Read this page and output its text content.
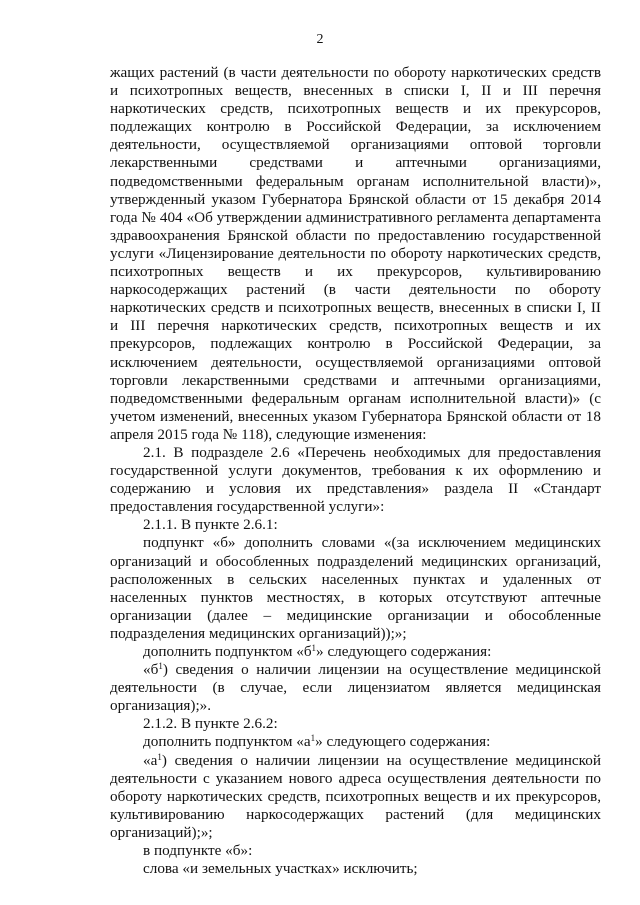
2

жащих растений (в части деятельности по обороту наркотических средств и психотропных веществ, внесенных в списки I, II и III перечня наркотических средств, психотропных веществ и их прекурсоров, подлежащих контролю в Российской Федерации, за исключением деятельности, осуществляемой организациями оптовой торговли лекарственными средствами и аптечными организациями, подведомственными федеральным органам исполнительной власти)», утвержденный указом Губернатора Брянской области от 15 декабря 2014 года № 404 «Об утверждении административного регламента департамента здравоохранения Брянской области по предоставлению государственной услуги «Лицензирование деятельности по обороту наркотических средств, психотропных веществ и их прекурсоров, культивированию наркосодержащих растений (в части деятельности по обороту наркотических средств и психотропных веществ, внесенных в списки I, II и III перечня наркотических средств, психотропных веществ и их прекурсоров, подлежащих контролю в Российской Федерации, за исключением деятельности, осуществляемой организациями оптовой торговли лекарственными средствами и аптечными организациями, подведомственными федеральным органам исполнительной власти)» (с учетом изменений, внесенных указом Губернатора Брянской области от 18 апреля 2015 года № 118), следующие изменения:

2.1. В подразделе 2.6 «Перечень необходимых для предоставления государственной услуги документов, требования к их оформлению и содержанию и условия их представления» раздела II «Стандарт предоставления государственной услуги»:

2.1.1. В пункте 2.6.1:

подпункт «б» дополнить словами «(за исключением медицинских организаций и обособленных подразделений медицинских организаций, расположенных в сельских населенных пунктах и удаленных от населенных пунктов местностях, в которых отсутствуют аптечные организации (далее – медицинские организации и обособленные подразделения медицинских организаций));»;

дополнить подпунктом «$б^1$» следующего содержания:

«$б^1$) сведения о наличии лицензии на осуществление медицинской деятельности (в случае, если лицензиатом является медицинская организация);».

2.1.2. В пункте 2.6.2:

дополнить подпунктом «$а^1$» следующего содержания:

«$а^1$) сведения о наличии лицензии на осуществление медицинской деятельности с указанием нового адреса осуществления деятельности по обороту наркотических средств, психотропных веществ и их прекурсоров, культивированию наркосодержащих растений (для медицинских организаций);»;

в подпункте «б»:

слова «и земельных участках» исключить;
